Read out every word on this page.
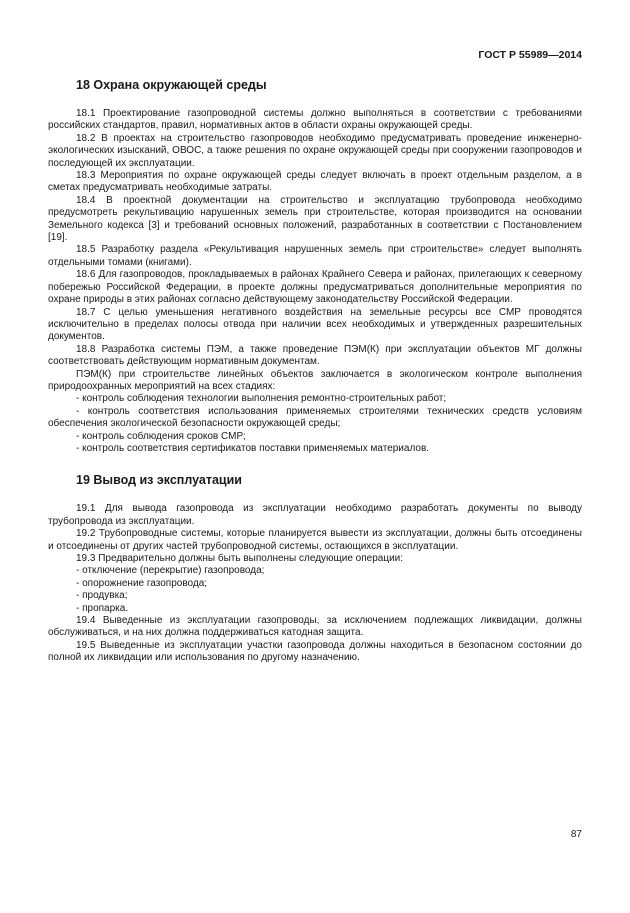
ГОСТ Р 55989—2014
18 Охрана окружающей среды

18.1 Проектирование газопроводной системы должно выполняться в соответствии с требованиями российских стандартов, правил, нормативных актов в области охраны окружающей среды.

18.2 В проектах на строительство газопроводов необходимо предусматривать проведение инженерно-экологических изысканий, ОВОС, а также решения по охране окружающей среды при сооружении газопроводов и последующей их эксплуатации.

18.3 Мероприятия по охране окружающей среды следует включать в проект отдельным разделом, а в сметах предусматривать необходимые затраты.

18.4 В проектной документации на строительство и эксплуатацию трубопровода необходимо предусмотреть рекультивацию нарушенных земель при строительстве, которая производится на основании Земельного кодекса [3] и требований основных положений, разработанных в соответствии с Постановлением [19].

18.5 Разработку раздела «Рекультивация нарушенных земель при строительстве» следует выполнять отдельными томами (книгами).

18.6 Для газопроводов, прокладываемых в районах Крайнего Севера и районах, прилегающих к северному побережью Российской Федерации, в проекте должны предусматриваться дополнительные мероприятия по охране природы в этих районах согласно действующему законодательству Российской Федерации.

18.7 С целью уменьшения негативного воздействия на земельные ресурсы все СМР проводятся исключительно в пределах полосы отвода при наличии всех необходимых и утвержденных разрешительных документов.

18.8 Разработка системы ПЭМ, а также проведение ПЭМ(К) при эксплуатации объектов МГ должны соответствовать действующим нормативным документам.

ПЭМ(К) при строительстве линейных объектов заключается в экологическом контроле выполнения природоохранных мероприятий на всех стадиях:

- контроль соблюдения технологии выполнения ремонтно-строительных работ;

- контроль соответствия использования применяемых строителями технических средств условиям обеспечения экологической безопасности окружающей среды;

- контроль соблюдения сроков СМР;

- контроль соответствия сертификатов поставки применяемых материалов.

19 Вывод из эксплуатации

19.1 Для вывода газопровода из эксплуатации необходимо разработать документы по выводу трубопровода из эксплуатации.

19.2 Трубопроводные системы, которые планируется вывести из эксплуатации, должны быть отсоединены и отсоединены от других частей трубопроводной системы, остающихся в эксплуатации.

19.3 Предварительно должны быть выполнены следующие операции:

- отключение (перекрытие) газопровода;

- опорожнение газопровода;

- продувка;

- пропарка.

19.4 Выведенные из эксплуатации газопроводы, за исключением подлежащих ликвидации, должны обслуживаться, и на них должна поддерживаться катодная защита.

19.5 Выведенные из эксплуатации участки газопровода должны находиться в безопасном состоянии до полной их ликвидации или использования по другому назначению.

87
